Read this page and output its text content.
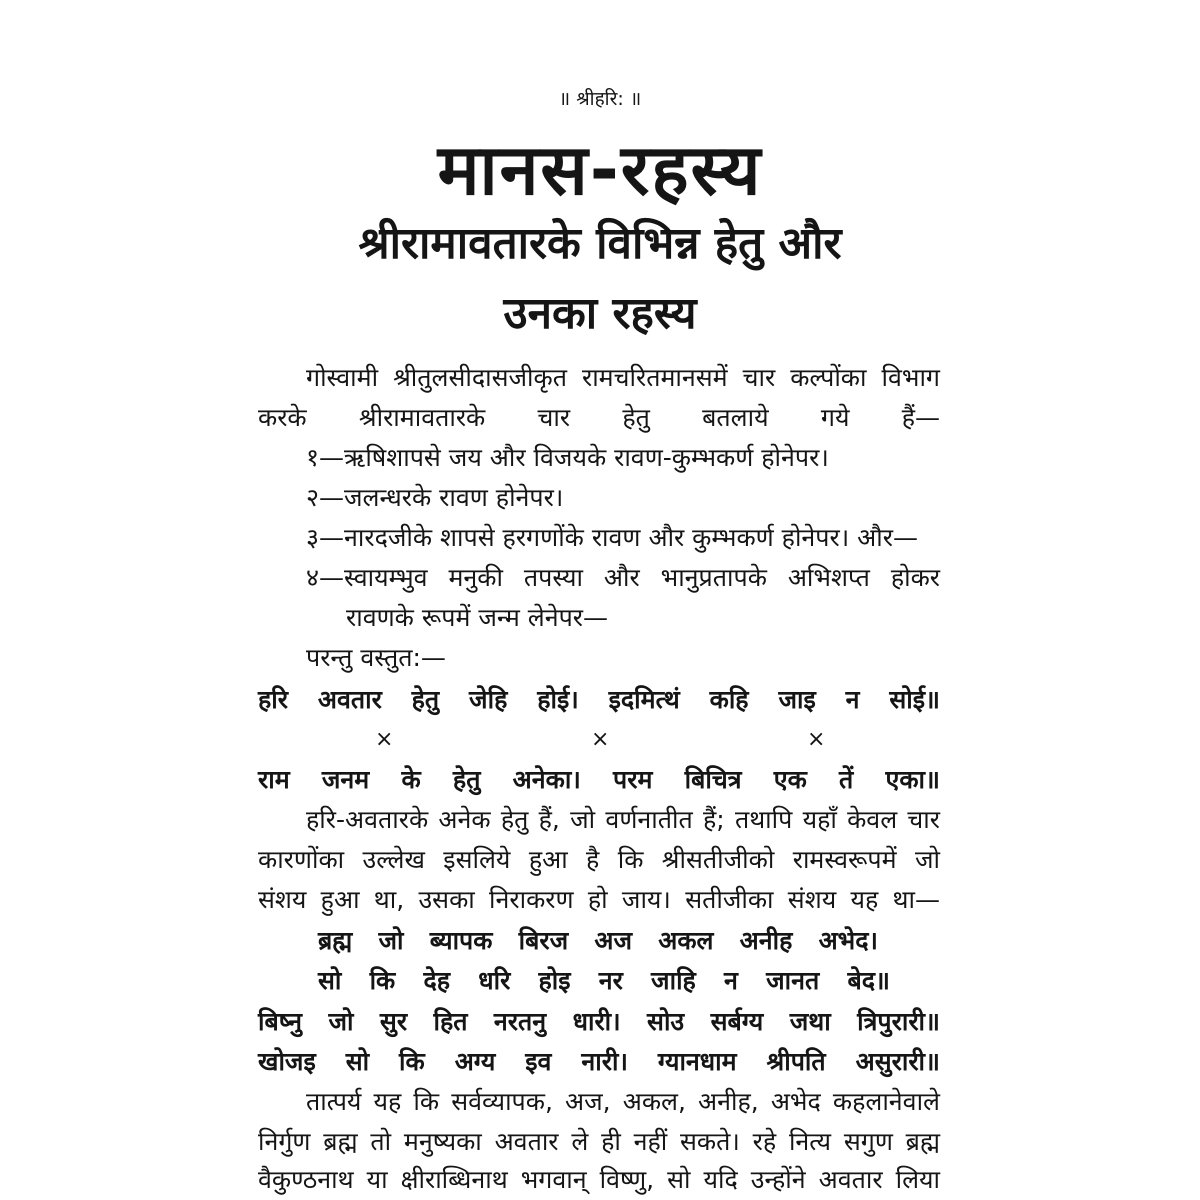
॥ श्रीहरि: ॥
मानस-रहस्य
श्रीरामावतारके विभिन्न हेतु और
उनका रहस्य
गोस्वामी श्रीतुलसीदासजीकृत रामचरितमानसमें चार कल्पोंका विभाग
करके श्रीरामावतारके चार हेतु बतलाये गये हैं—
१—ऋषिशापसे जय और विजयके रावण-कुम्भकर्ण होनेपर।
२—जलन्धरके रावण होनेपर।
३—नारदजीके शापसे हरगणोंके रावण और कुम्भकर्ण होनेपर। और—
४—स्वायम्भुव मनुकी तपस्या और भानुप्रतापके अभिशप्त होकर
रावणके रूपमें जन्म लेनेपर—
परन्तु वस्तुत:—
हरि अवतार हेतु जेहि होई। इदमित्थं कहि जाइ न सोई॥
×	×	×
राम जनम के हेतु अनेका। परम बिचित्र एक तें एका॥
हरि-अवतारके अनेक हेतु हैं, जो वर्णनातीत हैं; तथापि यहाँ केवल चार
कारणोंका उल्लेख इसलिये हुआ है कि श्रीसतीजीको रामस्वरूपमें जो
संशय हुआ था, उसका निराकरण हो जाय। सतीजीका संशय यह था—
ब्रह्म जो ब्यापक बिरज अज अकल अनीह अभेद।
सो कि देह धरि होइ नर जाहि न जानत बेद॥
बिष्नु जो सुर हित नरतनु धारी। सोउ सर्बग्य जथा त्रिपुरारी॥
खोजइ सो कि अग्य इव नारी। ग्यानधाम श्रीपति असुरारी॥
तात्पर्य यह कि सर्वव्यापक, अज, अकल, अनीह, अभेद कहलानेवाले
निर्गुण ब्रह्म तो मनुष्यका अवतार ले ही नहीं सकते। रहे नित्य सगुण ब्रह्म
वैकुण्ठनाथ या क्षीराब्धिनाथ भगवान् विष्णु, सो यदि उन्होंने अवतार लिया
